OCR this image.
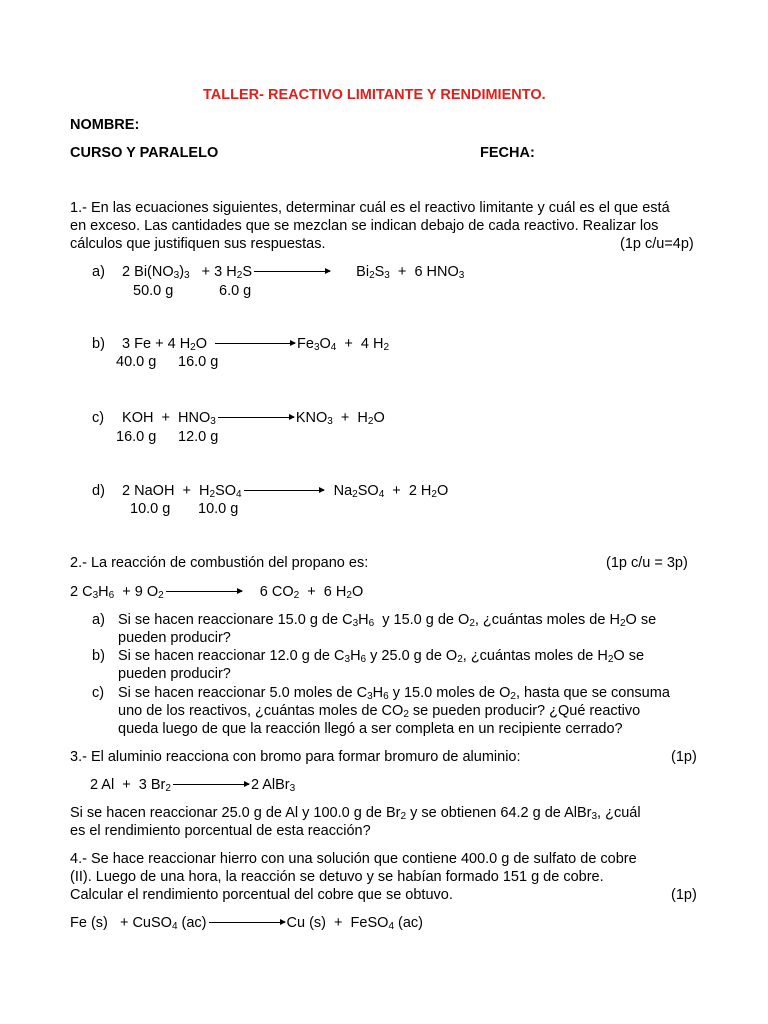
TALLER- REACTIVO LIMITANTE Y RENDIMIENTO.
NOMBRE:
CURSO Y PARALELO	FECHA:
1.- En las ecuaciones siguientes, determinar cuál es el reactivo limitante y cuál es el que está
en exceso. Las cantidades que se mezclan se indican debajo de cada reactivo. Realizar los
cálculos que justifiquen sus respuestas.	(1p c/u=4p)
a)  2 $Bi(NO_3)_3 + 3$ $H_2S$	$Bi_2S_3 + 6$ $HNO_3$
50.0 g	6.0 g
b)  3 Fe + 4 $H_2O$	$Fe_3O_4 + 4$ $H_2$
40.0 g 16.0 g
c)  KOH  +  $HNO_3$	$KNO_3 + H_2O$
16.0 g 12.0 g
d)  2 NaOH  +  $H_2SO_4$	$Na_2SO_4 + 2$ $H_2O$
10.0 g 10.0 g
2.- La reacción de combustión del propano es:	(1p c/u = 3p)
2 $C_3H_6 + 9$ $O_2$	6 $CO_2 + 6$ $H_2O$
a) Si se hacen reaccionare 15.0 g de $C_3H_6$  y 15.0 g de $O_2$, ¿cuántas moles de $H_2O$ se
pueden producir?
b) Si se hacen reaccionar 12.0 g de $C_3H_6$ y 25.0 g de $O_2$, ¿cuántas moles de $H_2O$ se
pueden producir?
c) Si se hacen reaccionar 5.0 moles de $C_3H_6$ y 15.0 moles de $O_2$, hasta que se consuma
uno de los reactivos, ¿cuántas moles de $CO_2$ se pueden producir? ¿Qué reactivo
queda luego de que la reacción llegó a ser completa en un recipiente cerrado?
3.- El aluminio reacciona con bromo para formar bromuro de aluminio:	(1p)
2 Al  +  3 $Br_2$	2 AlBr$_3$
Si se hacen reaccionar 25.0 g de Al y 100.0 g de $Br_2$ y se obtienen 64.2 g de AlBr$_3$, ¿cuál
es el rendimiento porcentual de esta reacción?
4.- Se hace reaccionar hierro con una solución que contiene 400.0 g de sulfato de cobre
(II). Luego de una hora, la reacción se detuvo y se habían formado 151 g de cobre.
Calcular el rendimiento porcentual del cobre que se obtuvo.	(1p)
Fe (s)   + CuSO$_4$ (ac)	Cu (s)  +  FeSO$_4$ (ac)
